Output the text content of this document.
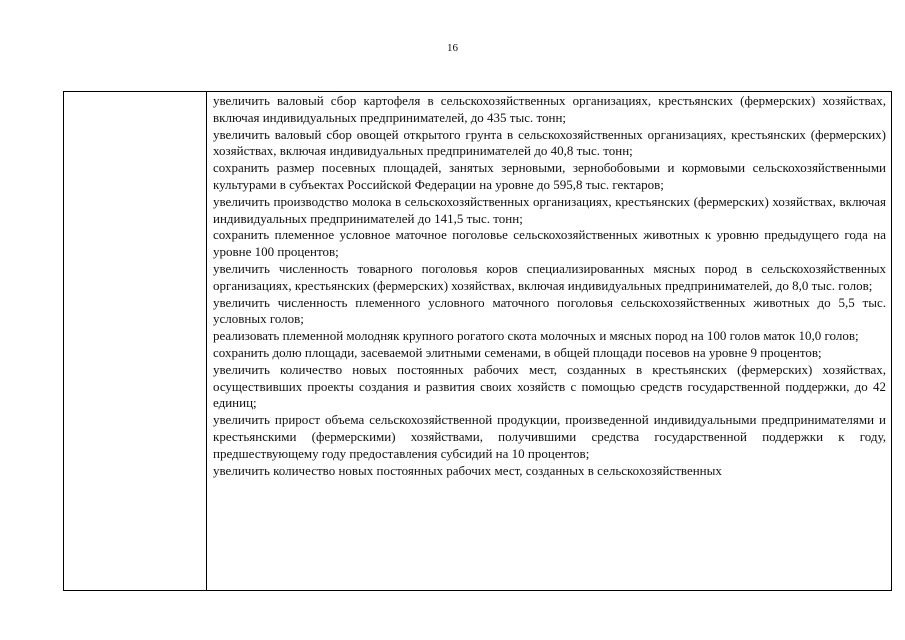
16

увеличить валовый сбор картофеля в сельскохозяйственных организациях, крестьянских (фермерских) хозяйствах, включая индивидуальных предпринимателей, до 435 тыс. тонн;

увеличить валовый сбор овощей открытого грунта в сельскохозяйственных организациях, крестьянских (фермерских) хозяйствах, включая индивидуальных предпринимателей до 40,8 тыс. тонн;

сохранить размер посевных площадей, занятых зерновыми, зернобобовыми и кормовыми сельскохозяйственными культурами в субъектах Российской Федерации на уровне до 595,8 тыс. гектаров;

увеличить производство молока в сельскохозяйственных организациях, крестьянских (фермерских) хозяйствах, включая индивидуальных предпринимателей до 141,5 тыс. тонн;

сохранить племенное условное маточное поголовье сельскохозяйственных животных к уровню предыдущего года на уровне 100 процентов;

увеличить численность товарного поголовья коров специализированных мясных пород в сельскохозяйственных организациях, крестьянских (фермерских) хозяйствах, включая индивидуальных предпринимателей, до 8,0 тыс. голов;

увеличить численность племенного условного маточного поголовья сельскохозяйственных животных до 5,5 тыс. условных голов;

реализовать племенной молодняк крупного рогатого скота молочных и мясных пород на 100 голов маток 10,0 голов;

сохранить долю площади, засеваемой элитными семенами, в общей площади посевов на уровне 9 процентов;

увеличить количество новых постоянных рабочих мест, созданных в крестьянских (фермерских) хозяйствах, осуществивших проекты создания и развития своих хозяйств с помощью средств государственной поддержки, до 42 единиц;

увеличить прирост объема сельскохозяйственной продукции, произведенной индивидуальными предпринимателями и крестьянскими (фермерскими) хозяйствами, получившими средства государственной поддержки к году, предшествующему году предоставления субсидий на 10 процентов;

увеличить количество новых постоянных рабочих мест, созданных в сельскохозяйственных
